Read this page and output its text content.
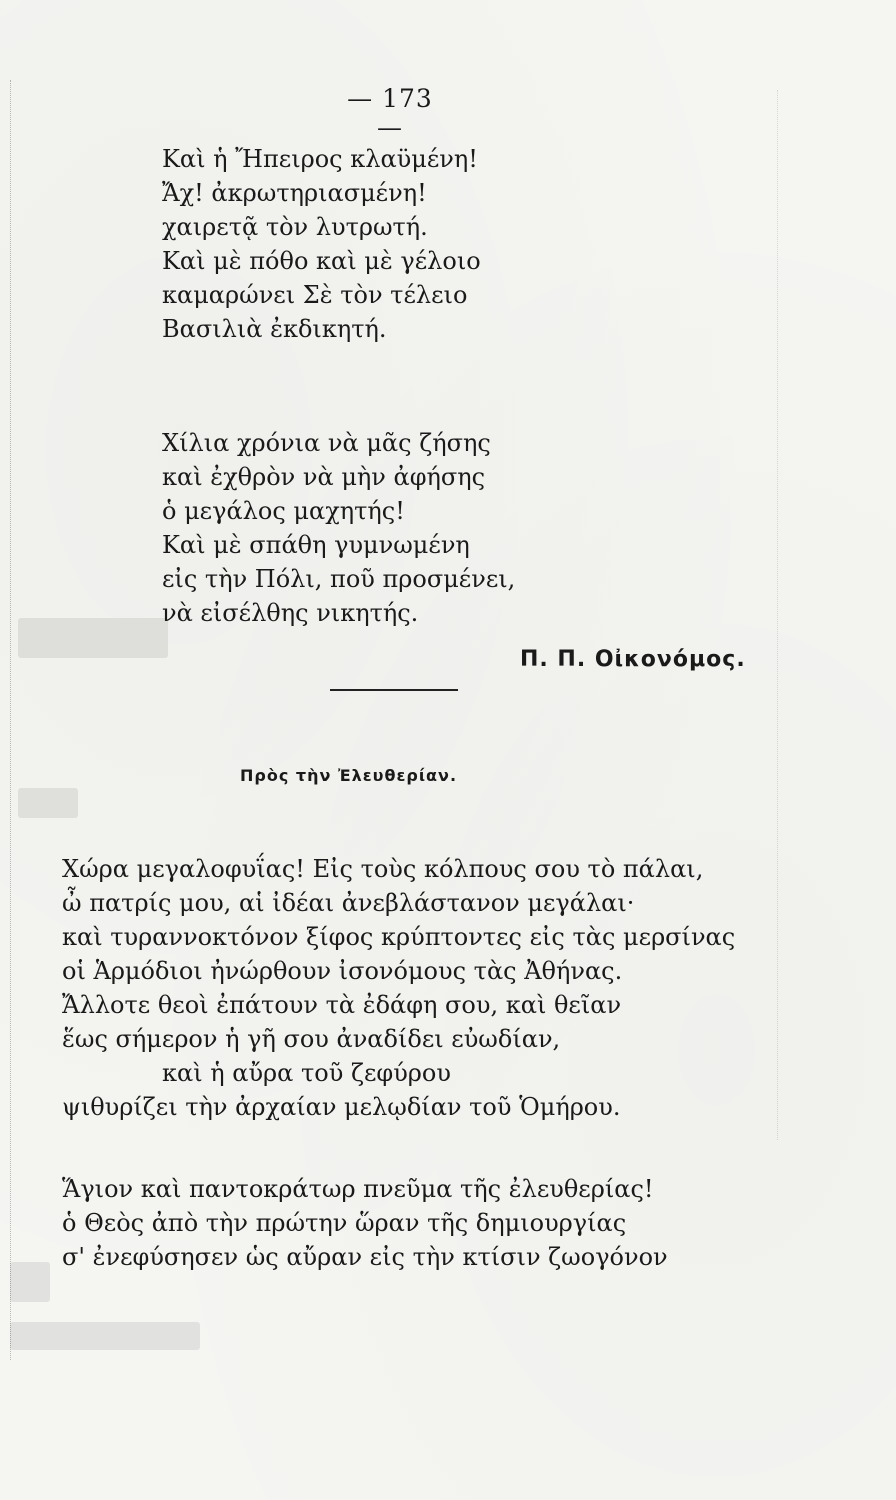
— 173 —
Καὶ ἡ Ἤπειρος κλαϋμένη!
Ἄχ! ἀκρωτηριασμένη!
χαιρετᾷ τὸν λυτρωτή.
Καὶ μὲ πόθο καὶ μὲ γέλοιο
καμαρώνει Σὲ τὸν τέλειο
Βασιλιὰ ἐκδικητή.
Χίλια χρόνια νὰ μᾶς ζήσης
καὶ ἐχθρὸν νὰ μὴν ἀφήσης
ὁ μεγάλος μαχητής!
Καὶ μὲ σπάθη γυμνωμένη
εἰς τὴν Πόλι, ποῦ προσμένει,
νὰ εἰσέλθης νικητής.
Π. Π. Οἰκονόμος.
Πρὸς τὴν Ἐλευθερίαν.
Χώρα μεγαλοφυΐας! Εἰς τοὺς κόλπους σου τὸ πάλαι,
ὦ πατρίς μου, αἱ ἰδέαι ἀνεβλάστανον μεγάλαι·
καὶ τυραννοκτόνον ξίφος κρύπτοντες εἰς τὰς μερσίνας
οἱ Ἁρμόδιοι ἠνώρθουν ἰσονόμους τὰς Ἀθήνας.
Ἄλλοτε θεοὶ ἐπάτουν τὰ ἐδάφη σου, καὶ θεῖαν
ἕως σήμερον ἡ γῆ σου ἀναδίδει εὐωδίαν,
καὶ ἡ αὔρα τοῦ ζεφύρου
ψιθυρίζει τὴν ἀρχαίαν μελῳδίαν τοῦ Ὁμήρου.
Ἅγιον καὶ παντοκράτωρ πνεῦμα τῆς ἐλευθερίας!
ὁ Θεὸς ἀπὸ τὴν πρώτην ὥραν τῆς δημιουργίας
σ' ἐνεφύσησεν ὡς αὔραν εἰς τὴν κτίσιν ζωογόνον
